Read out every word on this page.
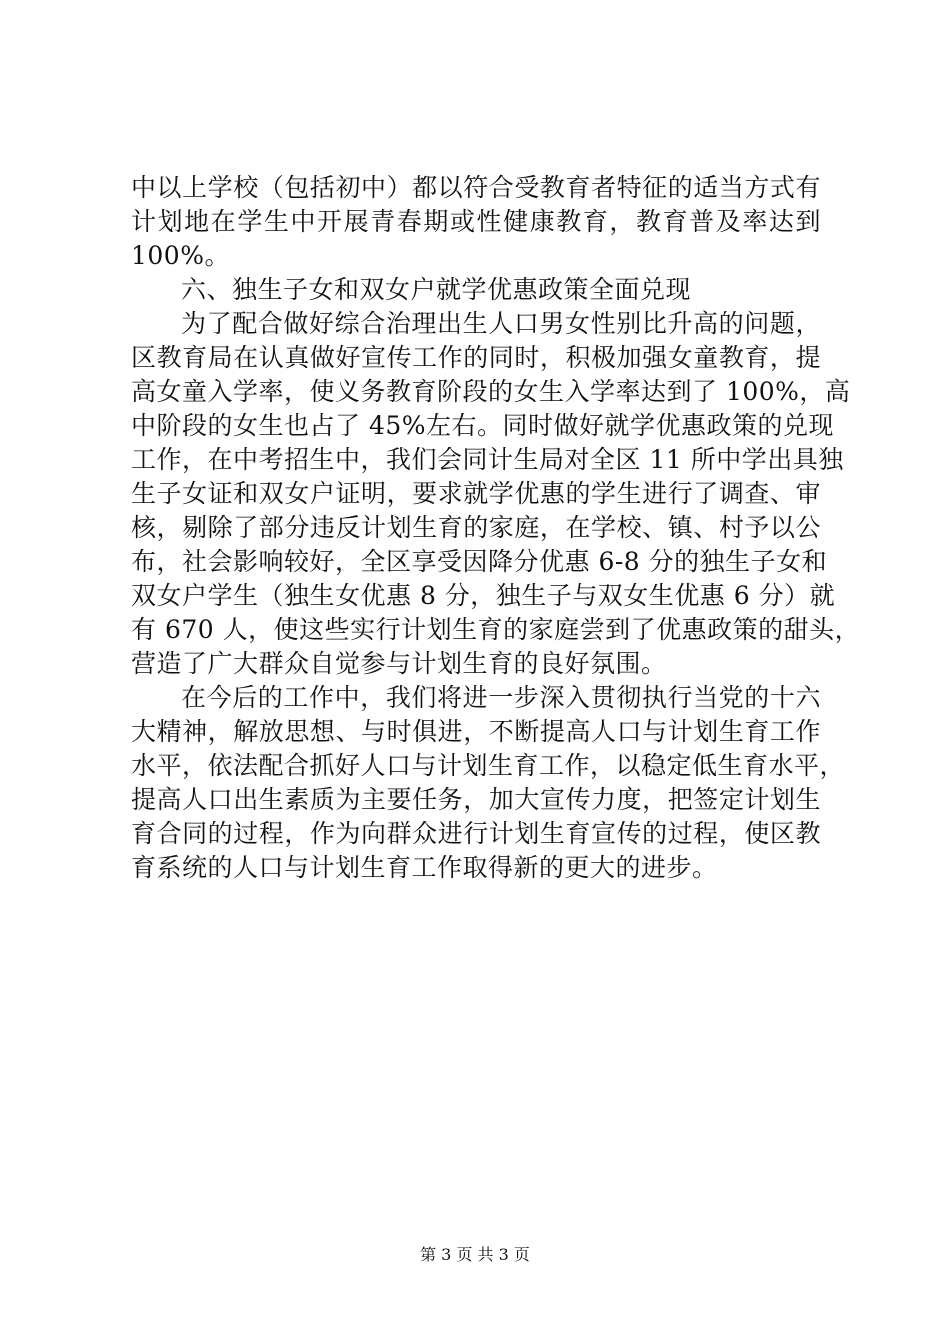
中以上学校（包括初中）都以符合受教育者特征的适当方式有
计划地在学生中开展青春期或性健康教育，教育普及率达到
100%。
六、独生子女和双女户就学优惠政策全面兑现
为了配合做好综合治理出生人口男女性别比升高的问题，
区教育局在认真做好宣传工作的同时，积极加强女童教育，提
高女童入学率，使义务教育阶段的女生入学率达到了 100%，高
中阶段的女生也占了 45%左右。同时做好就学优惠政策的兑现
工作，在中考招生中，我们会同计生局对全区 11 所中学出具独
生子女证和双女户证明，要求就学优惠的学生进行了调查、审
核，剔除了部分违反计划生育的家庭，在学校、镇、村予以公
布，社会影响较好，全区享受因降分优惠 6-8 分的独生子女和
双女户学生（独生女优惠 8 分，独生子与双女生优惠 6 分）就
有 670 人，使这些实行计划生育的家庭尝到了优惠政策的甜头，
营造了广大群众自觉参与计划生育的良好氛围。
在今后的工作中，我们将进一步深入贯彻执行当党的十六
大精神，解放思想、与时俱进，不断提高人口与计划生育工作
水平，依法配合抓好人口与计划生育工作，以稳定低生育水平，
提高人口出生素质为主要任务，加大宣传力度，把签定计划生
育合同的过程，作为向群众进行计划生育宣传的过程，使区教
育系统的人口与计划生育工作取得新的更大的进步。
第 3 页 共 3 页
